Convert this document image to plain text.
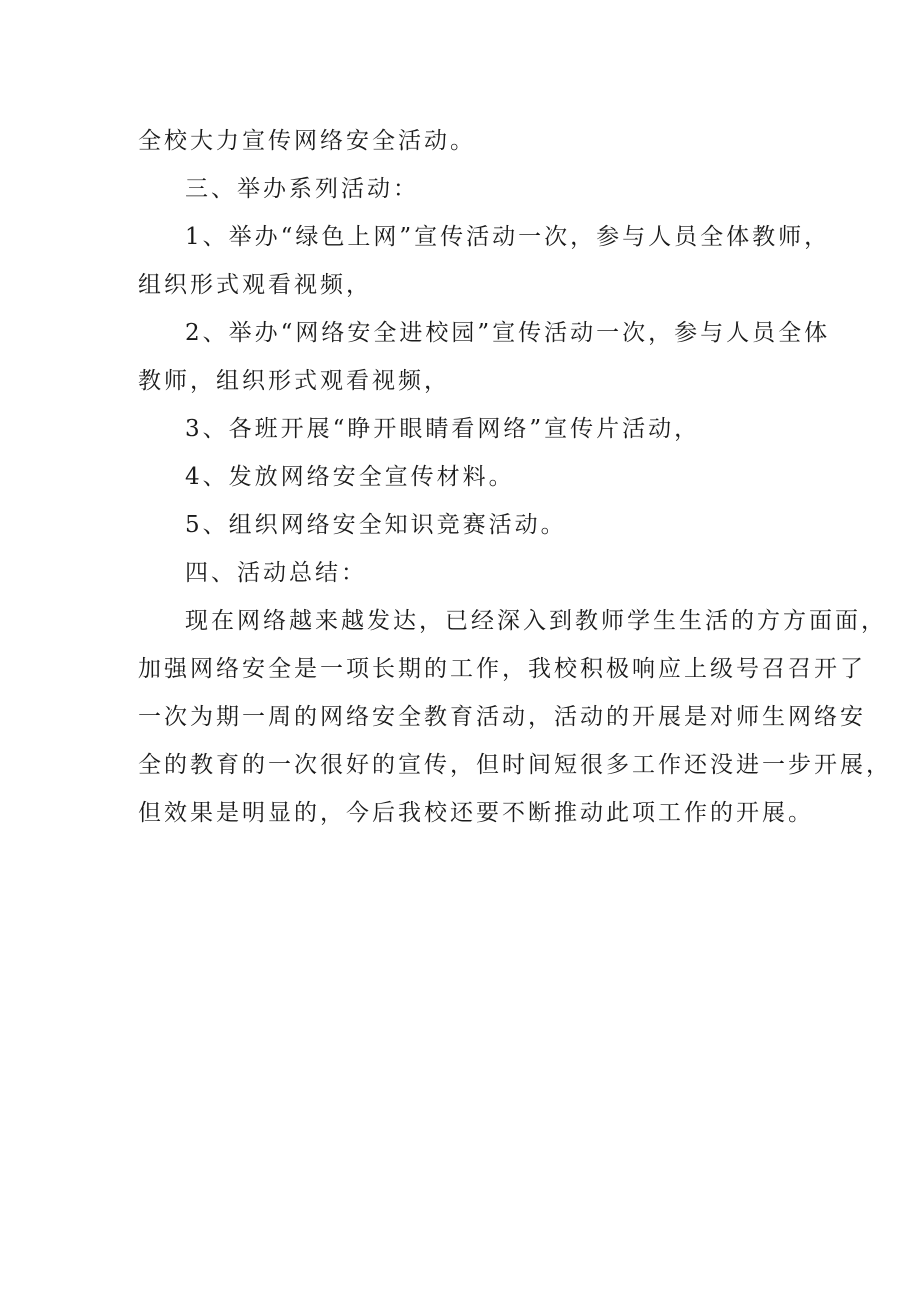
全校大力宣传网络安全活动。
三、举办系列活动：
1、举办“绿色上网”宣传活动一次，参与人员全体教师，
组织形式观看视频，
2、举办“网络安全进校园”宣传活动一次，参与人员全体
教师，组织形式观看视频，
3、各班开展“睁开眼睛看网络”宣传片活动，
4、发放网络安全宣传材料。
5、组织网络安全知识竞赛活动。
四、活动总结：
现在网络越来越发达，已经深入到教师学生生活的方方面面，
加强网络安全是一项长期的工作，我校积极响应上级号召召开了
一次为期一周的网络安全教育活动，活动的开展是对师生网络安
全的教育的一次很好的宣传，但时间短很多工作还没进一步开展，
但效果是明显的，今后我校还要不断推动此项工作的开展。
